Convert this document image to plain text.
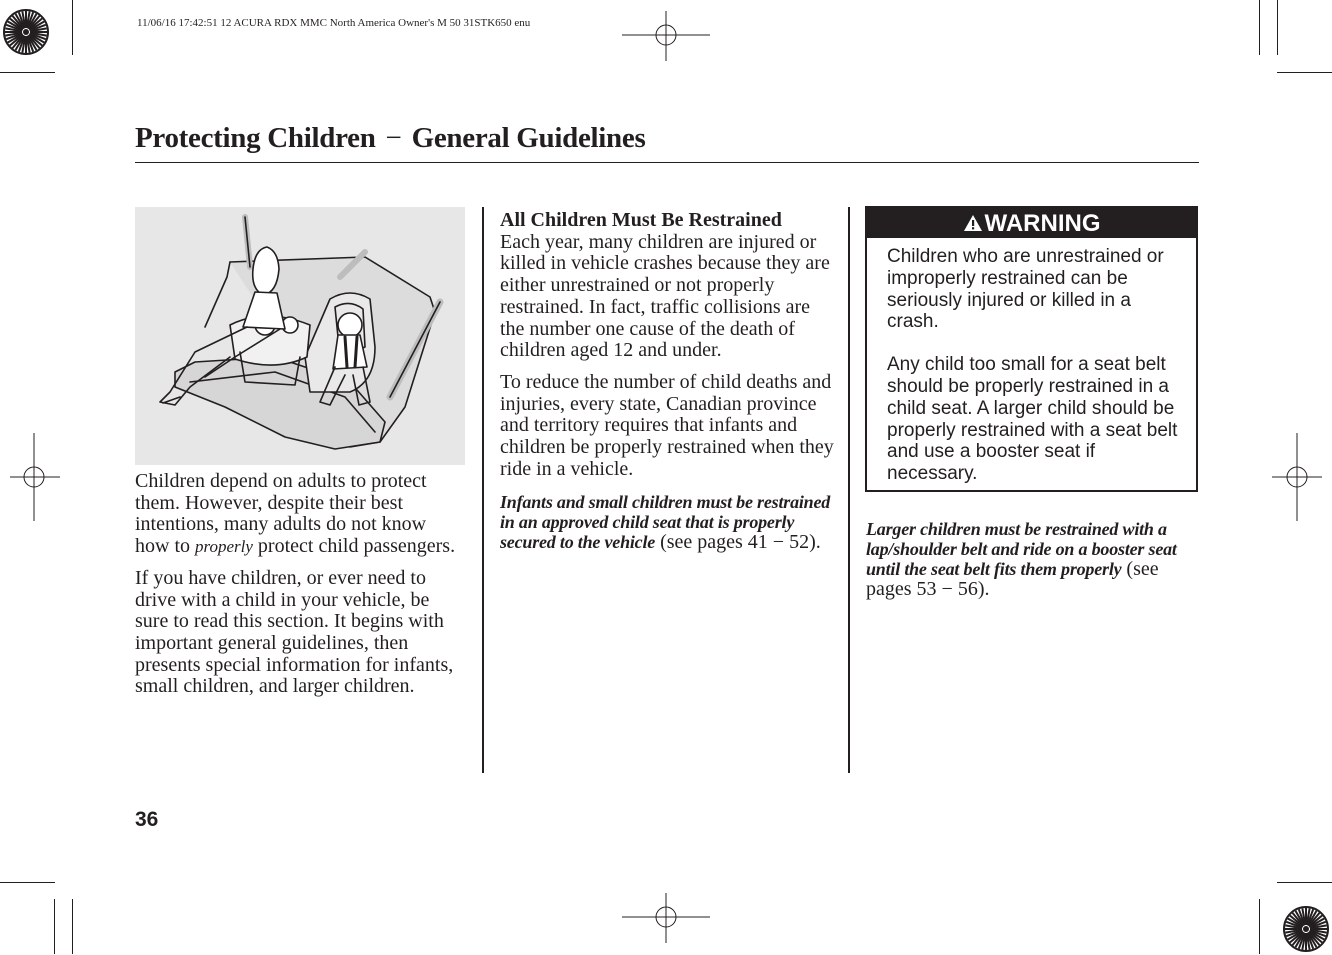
11/06/16 17:42:51 12 ACURA RDX MMC North America Owner's M 50 31STK650 enu
Protecting Children − General Guidelines

Children depend on adults to protect them. However, despite their best intentions, many adults do not know how to properly protect child passengers.

If you have children, or ever need to drive with a child in your vehicle, be sure to read this section. It begins with important general guidelines, then presents special information for infants, small children, and larger children.

All Children Must Be Restrained

Each year, many children are injured or killed in vehicle crashes because they are either unrestrained or not properly restrained. In fact, traffic collisions are the number one cause of the death of children aged 12 and under.

To reduce the number of child deaths and injuries, every state, Canadian province and territory requires that infants and children be properly restrained when they ride in a vehicle.

Infants and small children must be restrained in an approved child seat that is properly secured to the vehicle (see pages 41 − 52).

WARNING

Children who are unrestrained or improperly restrained can be seriously injured or killed in a crash.

Any child too small for a seat belt should be properly restrained in a child seat. A larger child should be properly restrained with a seat belt and use a booster seat if necessary.

Larger children must be restrained with a lap/shoulder belt and ride on a booster seat until the seat belt fits them properly (see pages 53 − 56).

36
